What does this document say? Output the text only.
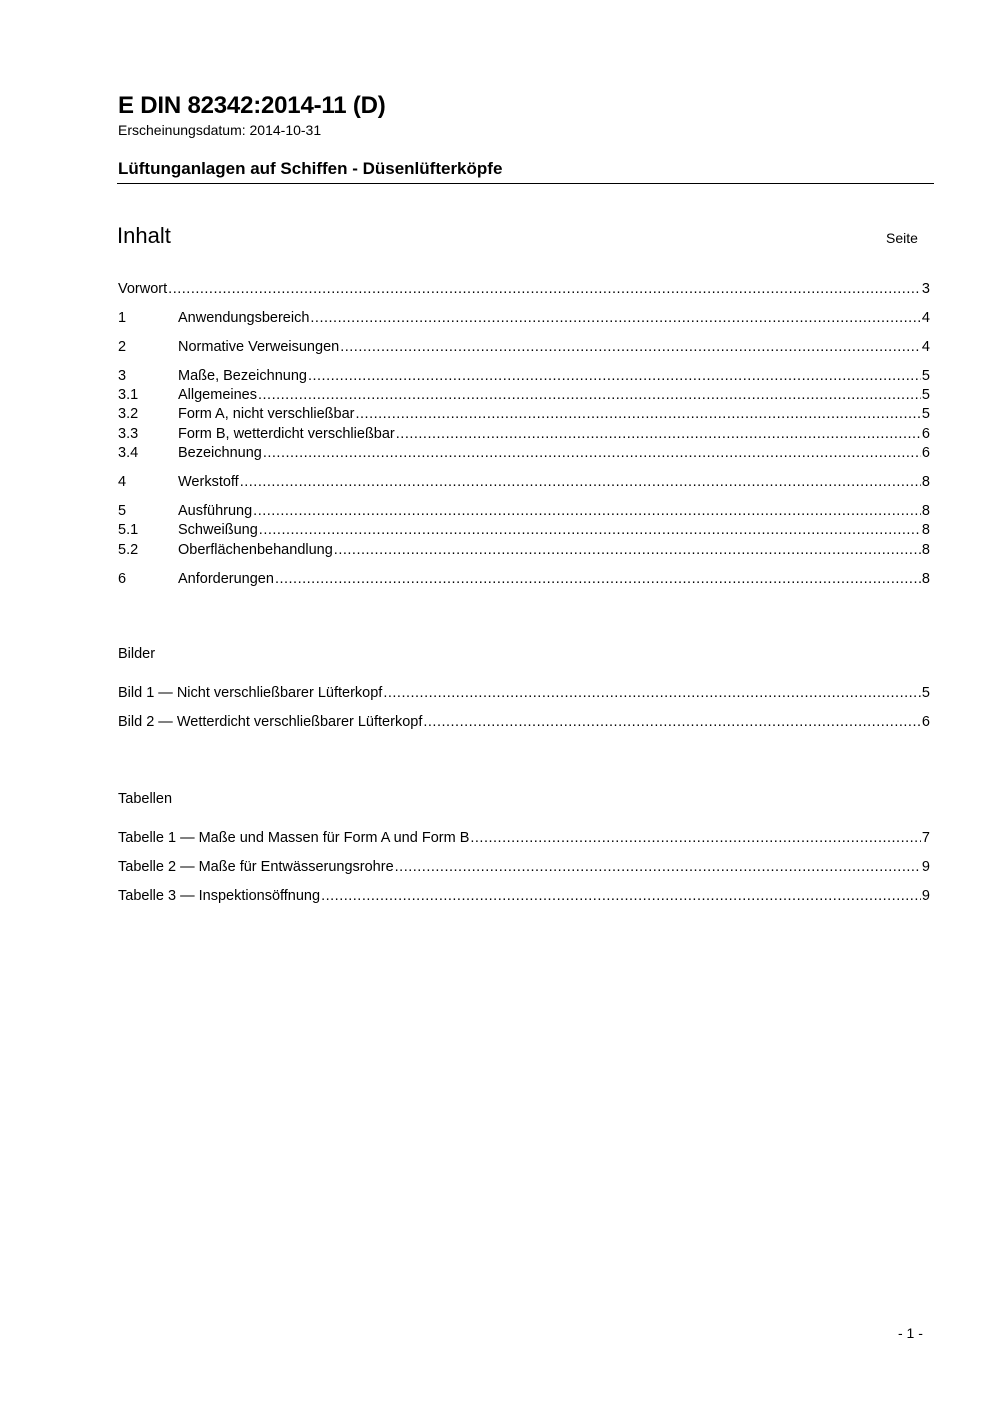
E DIN 82342:2014-11 (D)
Erscheinungsdatum: 2014-10-31
Lüftunganlagen auf Schiffen - Düsenlüfterköpfe
Inhalt	Seite
Vorwort .....	3
1	Anwendungsbereich .....	4
2	Normative Verweisungen .....	4
3	Maße, Bezeichnung .....	5
3.1	Allgemeines .....	5
3.2	Form A, nicht verschließbar .....	5
3.3	Form B, wetterdicht verschließbar .....	6
3.4	Bezeichnung .....	6
4	Werkstoff .....	8
5	Ausführung .....	8
5.1	Schweißung .....	8
5.2	Oberflächenbehandlung .....	8
6	Anforderungen .....	8
Bilder
Bild 1 — Nicht verschließbarer Lüfterkopf .....	5
Bild 2 — Wetterdicht verschließbarer Lüfterkopf .....	6
Tabellen
Tabelle 1 — Maße und Massen für Form A und Form B .....	7
Tabelle 2 — Maße für Entwässerungsrohre .....	9
Tabelle 3 — Inspektionsöffnung .....	9
- 1 -
